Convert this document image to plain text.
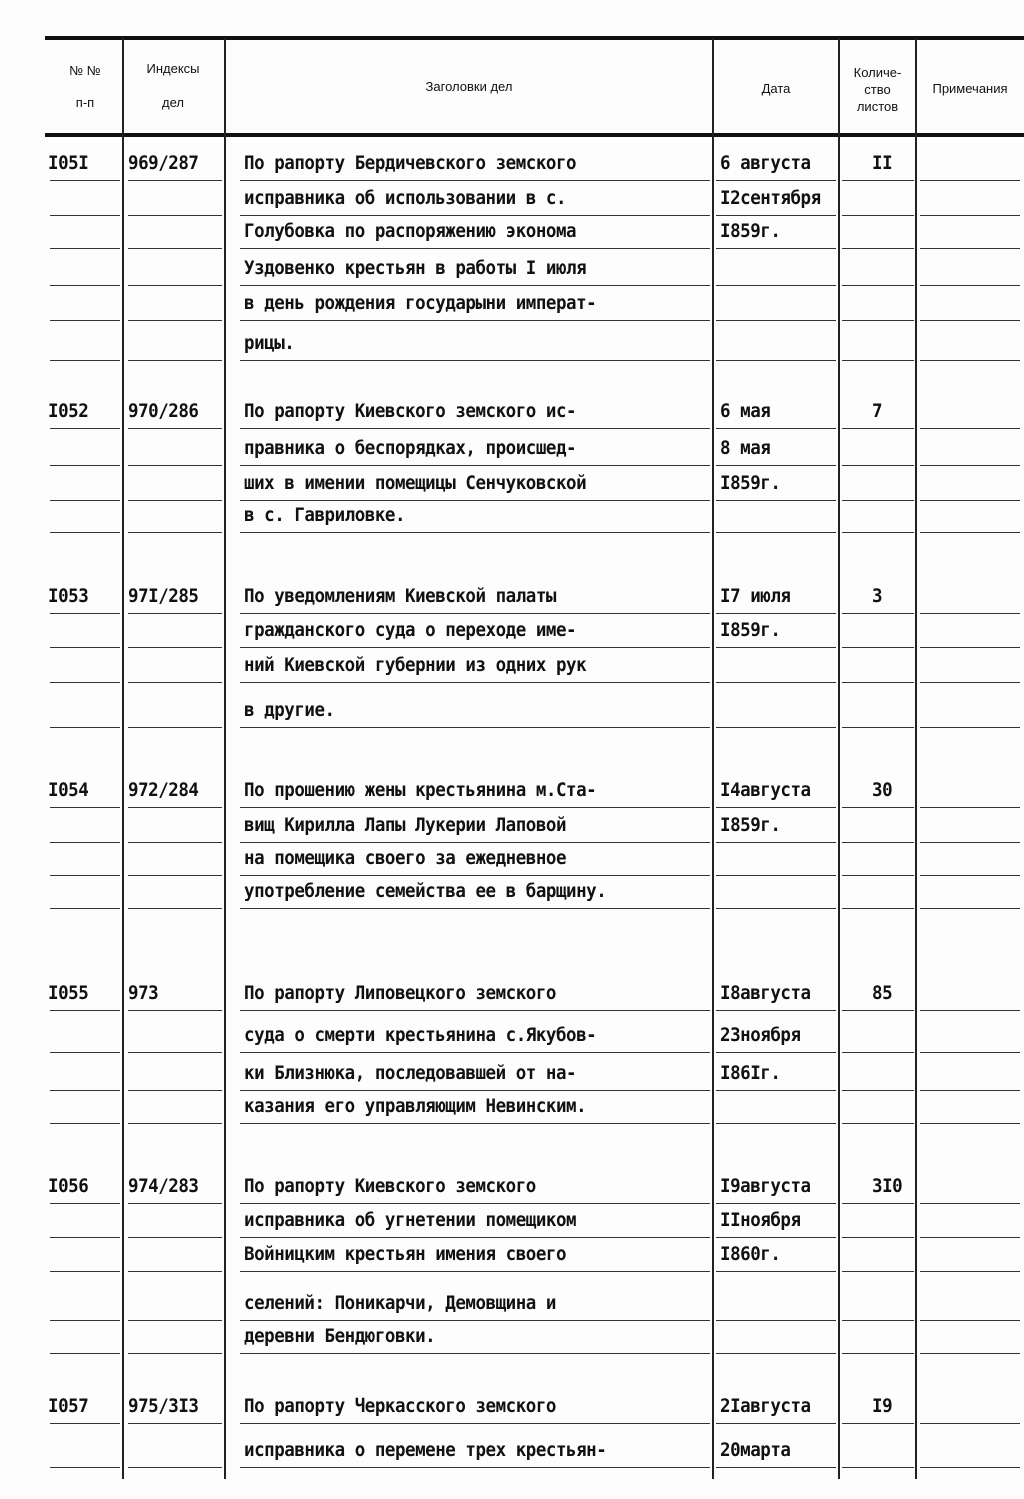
№ №
п-п
Индексы
дел
Заголовки дел	Дата
Количе-
ство
листов
Примечания
I05I 969/287 По рапорту Бердичевского земского
исправника об использовании в с.
Голубовка по распоряжению эконома
Уздовенко крестьян в работы I июля
в день рождения государыни императ-
рицы.
6 августа
I2сентября
I859г.
II
I052 970/286 По рапорту Киевского земского ис-
правника о беспорядках, происшед-
ших в имении помещицы Сенчуковской
в с. Гавриловке.
6 мая
8 мая
I859г.
7
I053 97I/285 По уведомлениям Киевской палаты
гражданского суда о переходе име-
ний Киевской губернии из одних рук
в другие.
I7 июля
I859г.
3
I054 972/284 По прошению жены крестьянина м.Ста-
вищ Кирилла Лапы Лукерии Лаповой
на помещика своего за ежедневное
употребление семейства ее в барщину.
I4августа
I859г.
30
I055 973	По рапорту Липовецкого земского
суда о смерти крестьянина с.Якубов-
ки Близнюка, последовавшей от на-
казания его управляющим Невинским.
I8августа
23ноября
I86Iг.
85
I056 974/283 По рапорту Киевского земского
исправника об угнетении помещиком
Войницким крестьян имения своего
селений: Поникарчи, Демовщина и
деревни Бендюговки.
I9августа
IIноября
I860г.
3I0
I057 975/3I3 По рапорту Черкасского земского
исправника о перемене трех крестьян-
2Iавгуста
20марта
I9
